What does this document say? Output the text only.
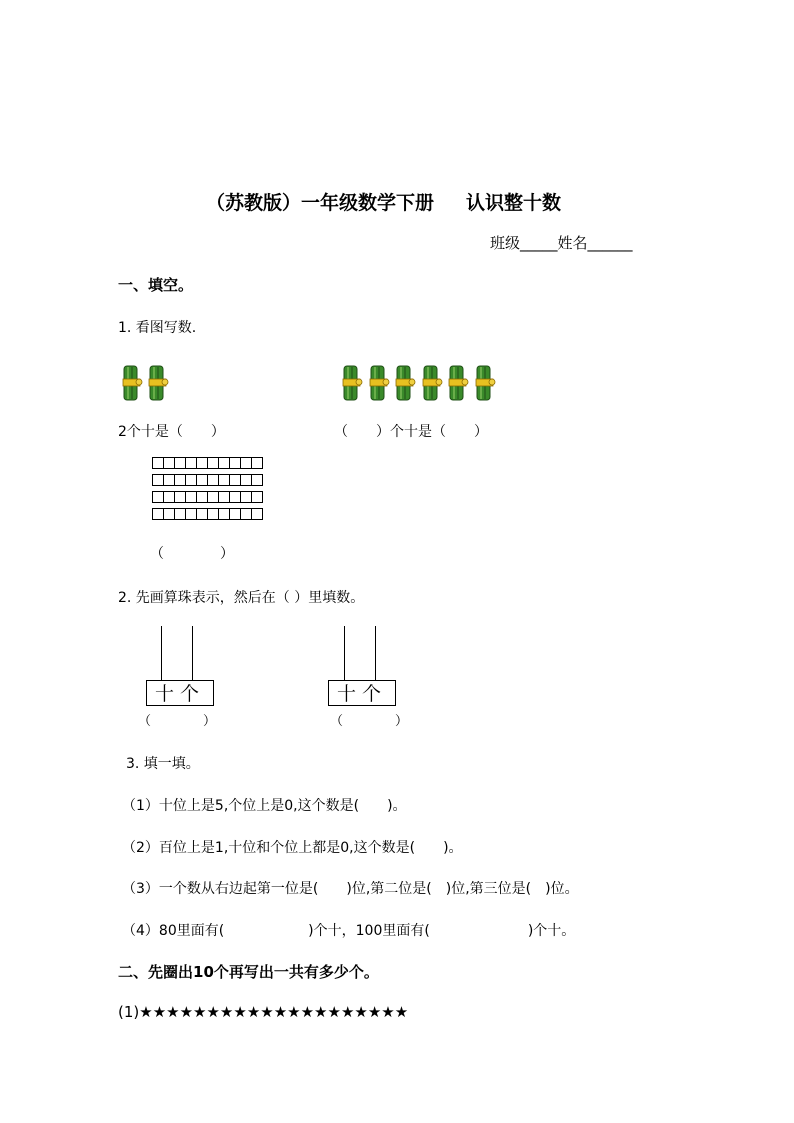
（苏教版）一年级数学下册 认识整十数
班级_____姓名______
一、填空。
1. 看图写数.
2个十是（　　）	（　　）个十是（　　）
（　　　　）
2. 先画算珠表示，然后在（ ）里填数。
十 个
（　　　　）
十 个
（　　　　）
3. 填一填。
（1）十位上是5,个位上是0,这个数是(　　)。
（2）百位上是1,十位和个位上都是0,这个数是(　　)。
（3）一个数从右边起第一位是(　　)位,第二位是(　)位,第三位是(　)位。
（4）80里面有(　　　　　　)个十，100里面有(　　　　　　　)个十。
二、先圈出10个再写出一共有多少个。
(1)★★★★★★★★★★★★★★★★★★★★
